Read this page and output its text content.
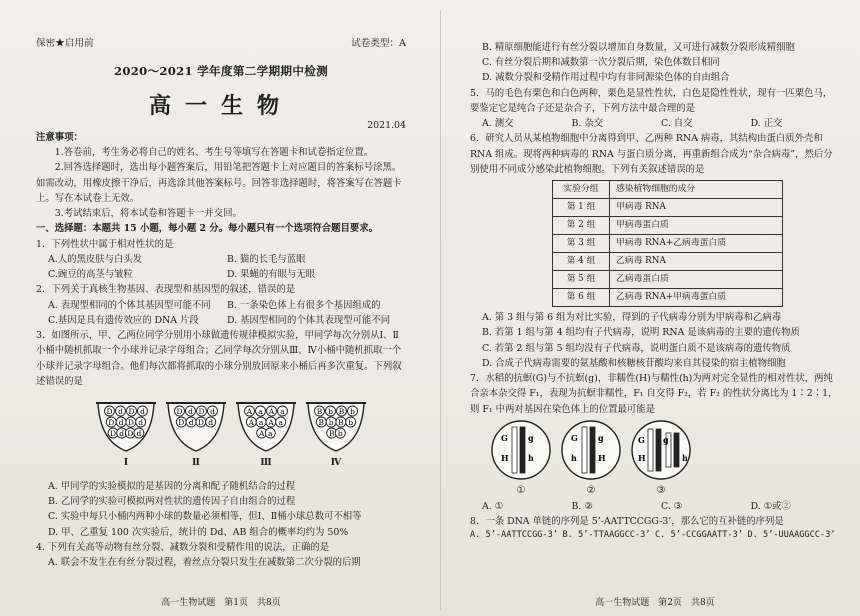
保密★启用前	试卷类型：A
2020～2021 学年度第二学期期中检测
高一生物
2021.04

注意事项：

1.答卷前，考生务必将自己的姓名、考生号等填写在答题卡和试卷指定位置。

2.回答选择题时，选出每小题答案后，用铅笔把答题卡上对应题目的答案标号涂黑。如需改动，用橡皮擦干净后，再选涂其他答案标号。回答非选择题时，将答案写在答题卡上。写在本试卷上无效。

3.考试结束后，将本试卷和答题卡一并交回。

一、选择题：本题共 15 小题，每小题 2 分。每小题只有一个选项符合题目要求。

1．下列性状中属于相对性状的是

A.人的黑皮肤与白头发	B. 猫的长毛与蓝眼
C.豌豆的高茎与皱粒	D. 果蝇的有眼与无眼

2．下列关于真核生物基因、表现型和基因型的叙述，错误的是

A. 表现型相同的个体其基因型可能不同	B. 一条染色体上有很多个基因组成的
C.基因是具有遗传效应的 DNA 片段	D. 基因型相同的个体其表现型可能不同

3．如图所示，甲、乙两位同学分别用小球做遗传规律模拟实验，甲同学每次分别从Ⅰ、Ⅱ小桶中随机抓取一个小球并记录字母组合；乙同学每次分别从Ⅲ、Ⅳ小桶中随机抓取一个小球并记录字母组合。他们每次都将抓取的小球分别放回原来小桶后再多次重复。下列叙述错误的是

D d D d
D d D d
D d D d
Ⅰ
D d D d
D d D d
Ⅱ
A a A a
A a A a
A a
Ⅲ
B b B b
B b B b
B b
Ⅳ

A. 甲同学的实验模拟的是基因的分离和配子随机结合的过程

B. 乙同学的实验可模拟两对性状的遗传因子自由组合的过程

C. 实验中每只小桶内两种小球的数量必须相等，但Ⅰ、Ⅱ桶小球总数可不相等

D. 甲、乙重复 100 次实验后，统计的 Dd、AB 组合的概率均约为 50%

4. 下列有关高等动物有丝分裂、减数分裂和受精作用的说法，正确的是

A. 联会不发生在有丝分裂过程，着丝点分裂只发生在减数第二次分裂的后期

高一生物试题　第1页　共8页

B. 精原细胞能进行有丝分裂以增加自身数量，又可进行减数分裂形成精细胞

C. 有丝分裂后期和减数第一次分裂后期，染色体数目相同

D. 减数分裂和受精作用过程中均有非同源染色体的自由组合

5．马的毛色有栗色和白色两种，栗色是显性性状，白色是隐性性状，现有一匹栗色马，要鉴定它是纯合子还是杂合子，下列方法中最合理的是

A. 测交	B. 杂交	C. 自交	D. 正交

6．研究人员从某植物细胞中分离得到甲、乙两种 RNA 病毒，其结构由蛋白质外壳和 RNA 组成。现将两种病毒的 RNA 与蛋白质分离，再重新组合成为“杂合病毒”，然后分别使用不同成分感染此植物细胞。下列有关叙述错误的是

实验分组	感染植物细胞的成分
第 1 组	甲病毒 RNA
第 2 组	甲病毒蛋白质
第 3 组	甲病毒 RNA+乙病毒蛋白质
第 4 组	乙病毒 RNA
第 5 组	乙病毒蛋白质
第 6 组	乙病毒 RNA+甲病毒蛋白质

A. 第 3 组与第 6 组为对比实验，得到的子代病毒分别为甲病毒和乙病毒

B. 若第 1 组与第 4 组均有子代病毒，说明 RNA 是该病毒的主要的遗传物质

C. 若第 2 组与第 5 组均没有子代病毒，说明蛋白质不是该病毒的遗传物质

D. 合成子代病毒需要的氨基酸和核糖核苷酸均来自其侵染的宿主植物细胞

7．水稻的抗螟(G)与不抗螟(g)，非糯性(H)与糯性(h)为两对完全显性的相对性状，两纯合亲本杂交得 F₁，表现为抗螟非糯性，F₁ 自交得 F₂，若 F₂ 的性状分离比为 1∶2∶1，则 F₁ 中两对基因在染色体上的位置最可能是

G	g
H h
①
G	g
h	H
②
G g
H	h
③
A. ①	B. ②	C. ③	D. ①或②

8．一条 DNA 单链的序列是 5’-AATTCCGG-3’，那么它的互补链的序列是

A. 5’-AATTCCGG-3’ B. 5’-TTAAGGCC-3’ C. 5’-CCGGAATT-3’ D. 5’-UUAAGGCC-3’
高一生物试题　第2页　共8页
